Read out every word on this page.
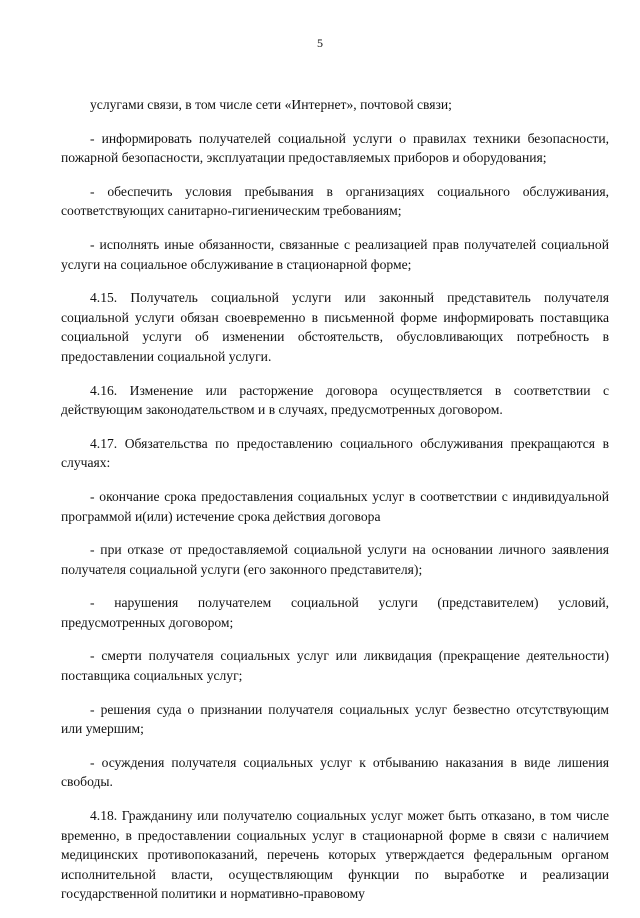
5

услугами связи, в том числе сети «Интернет», почтовой связи;

- информировать получателей социальной услуги о правилах техники безопасности, пожарной безопасности, эксплуатации предоставляемых приборов и оборудования;

- обеспечить условия пребывания в организациях социального обслуживания, соответствующих санитарно-гигиеническим требованиям;

- исполнять иные обязанности, связанные с реализацией прав получателей социальной услуги на социальное обслуживание в стационарной форме;

4.15. Получатель социальной услуги или законный представитель получателя социальной услуги обязан своевременно в письменной форме информировать поставщика социальной услуги об изменении обстоятельств, обусловливающих потребность в предоставлении социальной услуги.

4.16. Изменение или расторжение договора осуществляется в соответствии с действующим законодательством и в случаях, предусмотренных договором.

4.17. Обязательства по предоставлению социального обслуживания прекращаются в случаях:

- окончание срока предоставления социальных услуг в соответствии с индивидуальной программой и(или) истечение срока действия договора

- при отказе от предоставляемой социальной услуги на основании личного заявления получателя социальной услуги (его законного представителя);

- нарушения получателем социальной услуги (представителем) условий, предусмотренных договором;

- смерти получателя социальных услуг или ликвидация (прекращение деятельности) поставщика социальных услуг;

- решения суда о признании получателя социальных услуг безвестно отсутствующим или умершим;

- осуждения получателя социальных услуг к отбыванию наказания в виде лишения свободы.

4.18. Гражданину или получателю социальных услуг может быть отказано, в том числе временно, в предоставлении социальных услуг в стационарной форме в связи с наличием медицинских противопоказаний, перечень которых утверждается федеральным органом исполнительной власти, осуществляющим функции по выработке и реализации государственной политики и нормативно-правовому
